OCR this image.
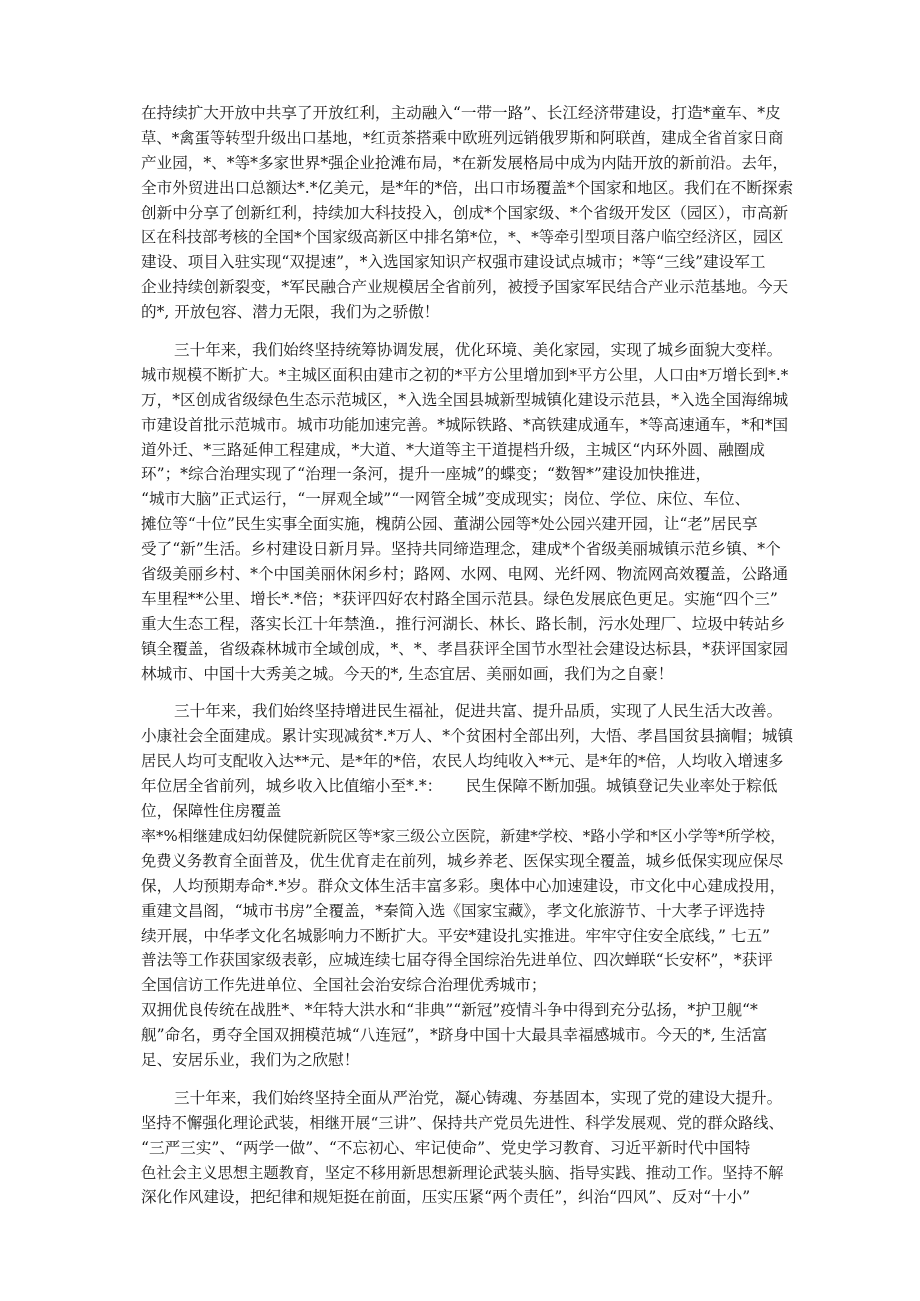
在持续扩大开放中共享了开放红利，主动融入“一带一路”、长江经济带建设，打造*童车、*皮
草、*禽蛋等转型升级出口基地，*红贡茶搭乘中欧班列远销俄罗斯和阿联酋，建成全省首家日商
产业园，*、*等*多家世界*强企业抢滩布局，*在新发展格局中成为内陆开放的新前沿。去年，
全市外贸进出口总额达*.*亿美元，是*年的*倍，出口市场覆盖*个国家和地区。我们在不断探索
创新中分享了创新红利，持续加大科技投入，创成*个国家级、*个省级开发区（园区），市高新
区在科技部考核的全国*个国家级高新区中排名第*位，*、*等牵引型项目落户临空经济区，园区
建设、项目入驻实现“双提速”，*入选国家知识产权强市建设试点城市；*等“三线”建设军工
企业持续创新裂变，*军民融合产业规模居全省前列，被授予国家军民结合产业示范基地。今天
的*, 开放包容、潜力无限，我们为之骄傲！
三十年来，我们始终坚持统筹协调发展，优化环境、美化家园，实现了城乡面貌大变样。
城市规模不断扩大。*主城区面积由建市之初的*平方公里增加到*平方公里，人口由*万增长到*.*
万，*区创成省级绿色生态示范城区，*入选全国县城新型城镇化建设示范县，*入选全国海绵城
市建设首批示范城市。城市功能加速完善。*城际铁路、*高铁建成通车，*等高速通车，*和*国
道外迁、*三路延伸工程建成，*大道、*大道等主干道提档升级，主城区“内环外圆、融圈成
环”；*综合治理实现了“治理一条河，提升一座城”的蝶变；“数智*”建设加快推进，
“城市大脑”正式运行，“一屏观全域”“一网管全城”变成现实；岗位、学位、床位、车位、
摊位等“十位”民生实事全面实施，槐荫公园、董湖公园等*处公园兴建开园，让“老”居民享
受了“新”生活。乡村建设日新月异。坚持共同缔造理念，建成*个省级美丽城镇示范乡镇、*个
省级美丽乡村、*个中国美丽休闲乡村；路网、水网、电网、光纤网、物流网高效覆盖，公路通
车里程**公里、增长*.*倍；*获评四好农村路全国示范县。绿色发展底色更足。实施“四个三”
重大生态工程，落实长江十年禁渔.，推行河湖长、林长、路长制，污水处理厂、垃圾中转站乡
镇全覆盖，省级森林城市全域创成，*、*、孝昌获评全国节水型社会建设达标县，*获评国家园
林城市、中国十大秀美之城。今天的*, 生态宜居、美丽如画，我们为之自豪！
三十年来，我们始终坚持增进民生福祉，促进共富、提升品质，实现了人民生活大改善。
小康社会全面建成。累计实现减贫*.*万人、*个贫困村全部出列，大悟、孝昌国贫县摘帽；城镇
居民人均可支配收入达**元、是*年的*倍，农民人均纯收入**元、是*年的*倍，人均收入增速多
年位居全省前列，城乡收入比值缩小至*.*：　　民生保障不断加强。城镇登记失业率处于粽低
位，保障性住房覆盖
率*%相继建成妇幼保健院新院区等*家三级公立医院，新建*学校、*路小学和*区小学等*所学校，
免费义务教育全面普及，优生优育走在前列，城乡养老、医保实现全覆盖，城乡低保实现应保尽
保，人均预期寿命*.*岁。群众文体生活丰富多彩。奥体中心加速建设，市文化中心建成投用，
重建文昌阁，“城市书房”全覆盖，*秦简入选《国家宝藏》，孝文化旅游节、十大孝子评选持
续开展，中华孝文化名城影响力不断扩大。平安*建设扎实推进。牢牢守住安全底线，” 七五”
普法等工作获国家级表彰，应城连续七届夺得全国综治先进单位、四次蝉联“长安杯”，*获评
全国信访工作先进单位、全国社会治安综合治理优秀城市；
双拥优良传统在战胜*、*年特大洪水和“非典”“新冠”疫情斗争中得到充分弘扬，*护卫舰“*
舰”命名，勇夺全国双拥模范城“八连冠”，*跻身中国十大最具幸福感城市。今天的*, 生活富
足、安居乐业，我们为之欣慰！
三十年来，我们始终坚持全面从严治党，凝心铸魂、夯基固本，实现了党的建设大提升。
坚持不懈强化理论武装，相继开展“三讲”、保持共产党员先进性、科学发展观、党的群众路线、
“三严三实”、“两学一做”、“不忘初心、牢记使命”、党史学习教育、习近平新时代中国特
色社会主义思想主题教育，坚定不移用新思想新理论武装头脑、指导实践、推动工作。坚持不解
深化作风建设，把纪律和规矩挺在前面，压实压紧“两个责任”，纠治“四风”、反对“十小”
